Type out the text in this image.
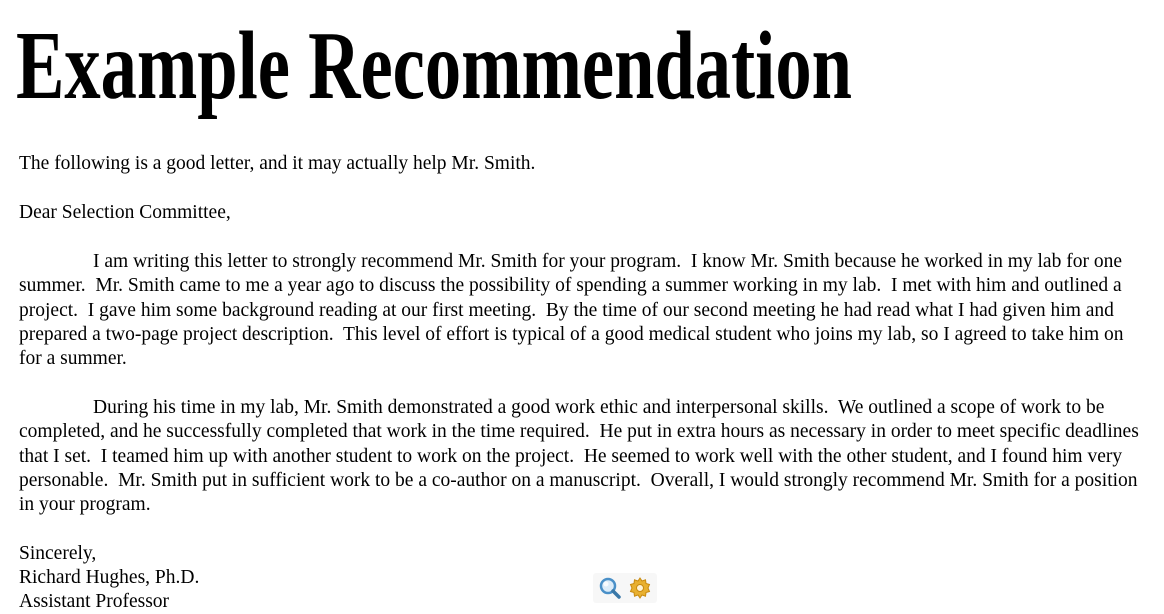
Example Recommendation

The following is a good letter, and it may actually help Mr. Smith.

Dear Selection Committee,

I am writing this letter to strongly recommend Mr. Smith for your program.  I know Mr. Smith because he worked in my lab for one summer.  Mr. Smith came to me a year ago to discuss the possibility of spending a summer working in my lab.  I met with him and outlined a project.  I gave him some background reading at our first meeting.  By the time of our second meeting he had read what I had given him and prepared a two-page project description.  This level of effort is typical of a good medical student who joins my lab, so I agreed to take him on for a summer.

During his time in my lab, Mr. Smith demonstrated a good work ethic and interpersonal skills.  We outlined a scope of work to be completed, and he successfully completed that work in the time required.  He put in extra hours as necessary in order to meet specific deadlines that I set.  I teamed him up with another student to work on the project.  He seemed to work well with the other student, and I found him very personable.  Mr. Smith put in sufficient work to be a co-author on a manuscript.  Overall, I would strongly recommend Mr. Smith for a position in your program.

Sincerely,

Richard Hughes, Ph.D.

Assistant Professor
